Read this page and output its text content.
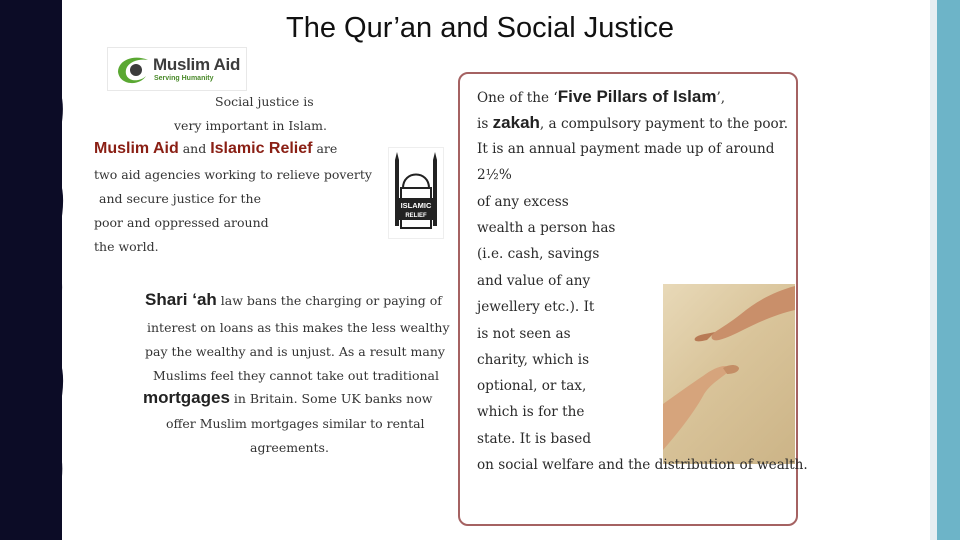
The Qur’an and Social Justice
Muslim Aid
Serving Humanity
Social justice is
very important in Islam.
Muslim Aid and Islamic Relief are
two aid agencies working to relieve poverty
and secure justice for the
poor and oppressed around
the world.
ISLAMIC
RELIEF
Shari ‘ah law bans the charging or paying of
interest on loans as this makes the less wealthy
pay the wealthy and is unjust. As a result many
Muslims feel they cannot take out traditional
mortgages in Britain. Some UK banks now
offer Muslim mortgages similar to rental
agreements.
One of the ‘Five Pillars of Islam’,
is zakah, a compulsory payment to the poor.
It is an annual payment made up of around
2½%
of any excess
wealth a person has
(i.e. cash, savings
and value of any
jewellery etc.). It
is not seen as
charity, which is
optional, or tax,
which is for the
state. It is based
on social welfare and the distribution of wealth.
